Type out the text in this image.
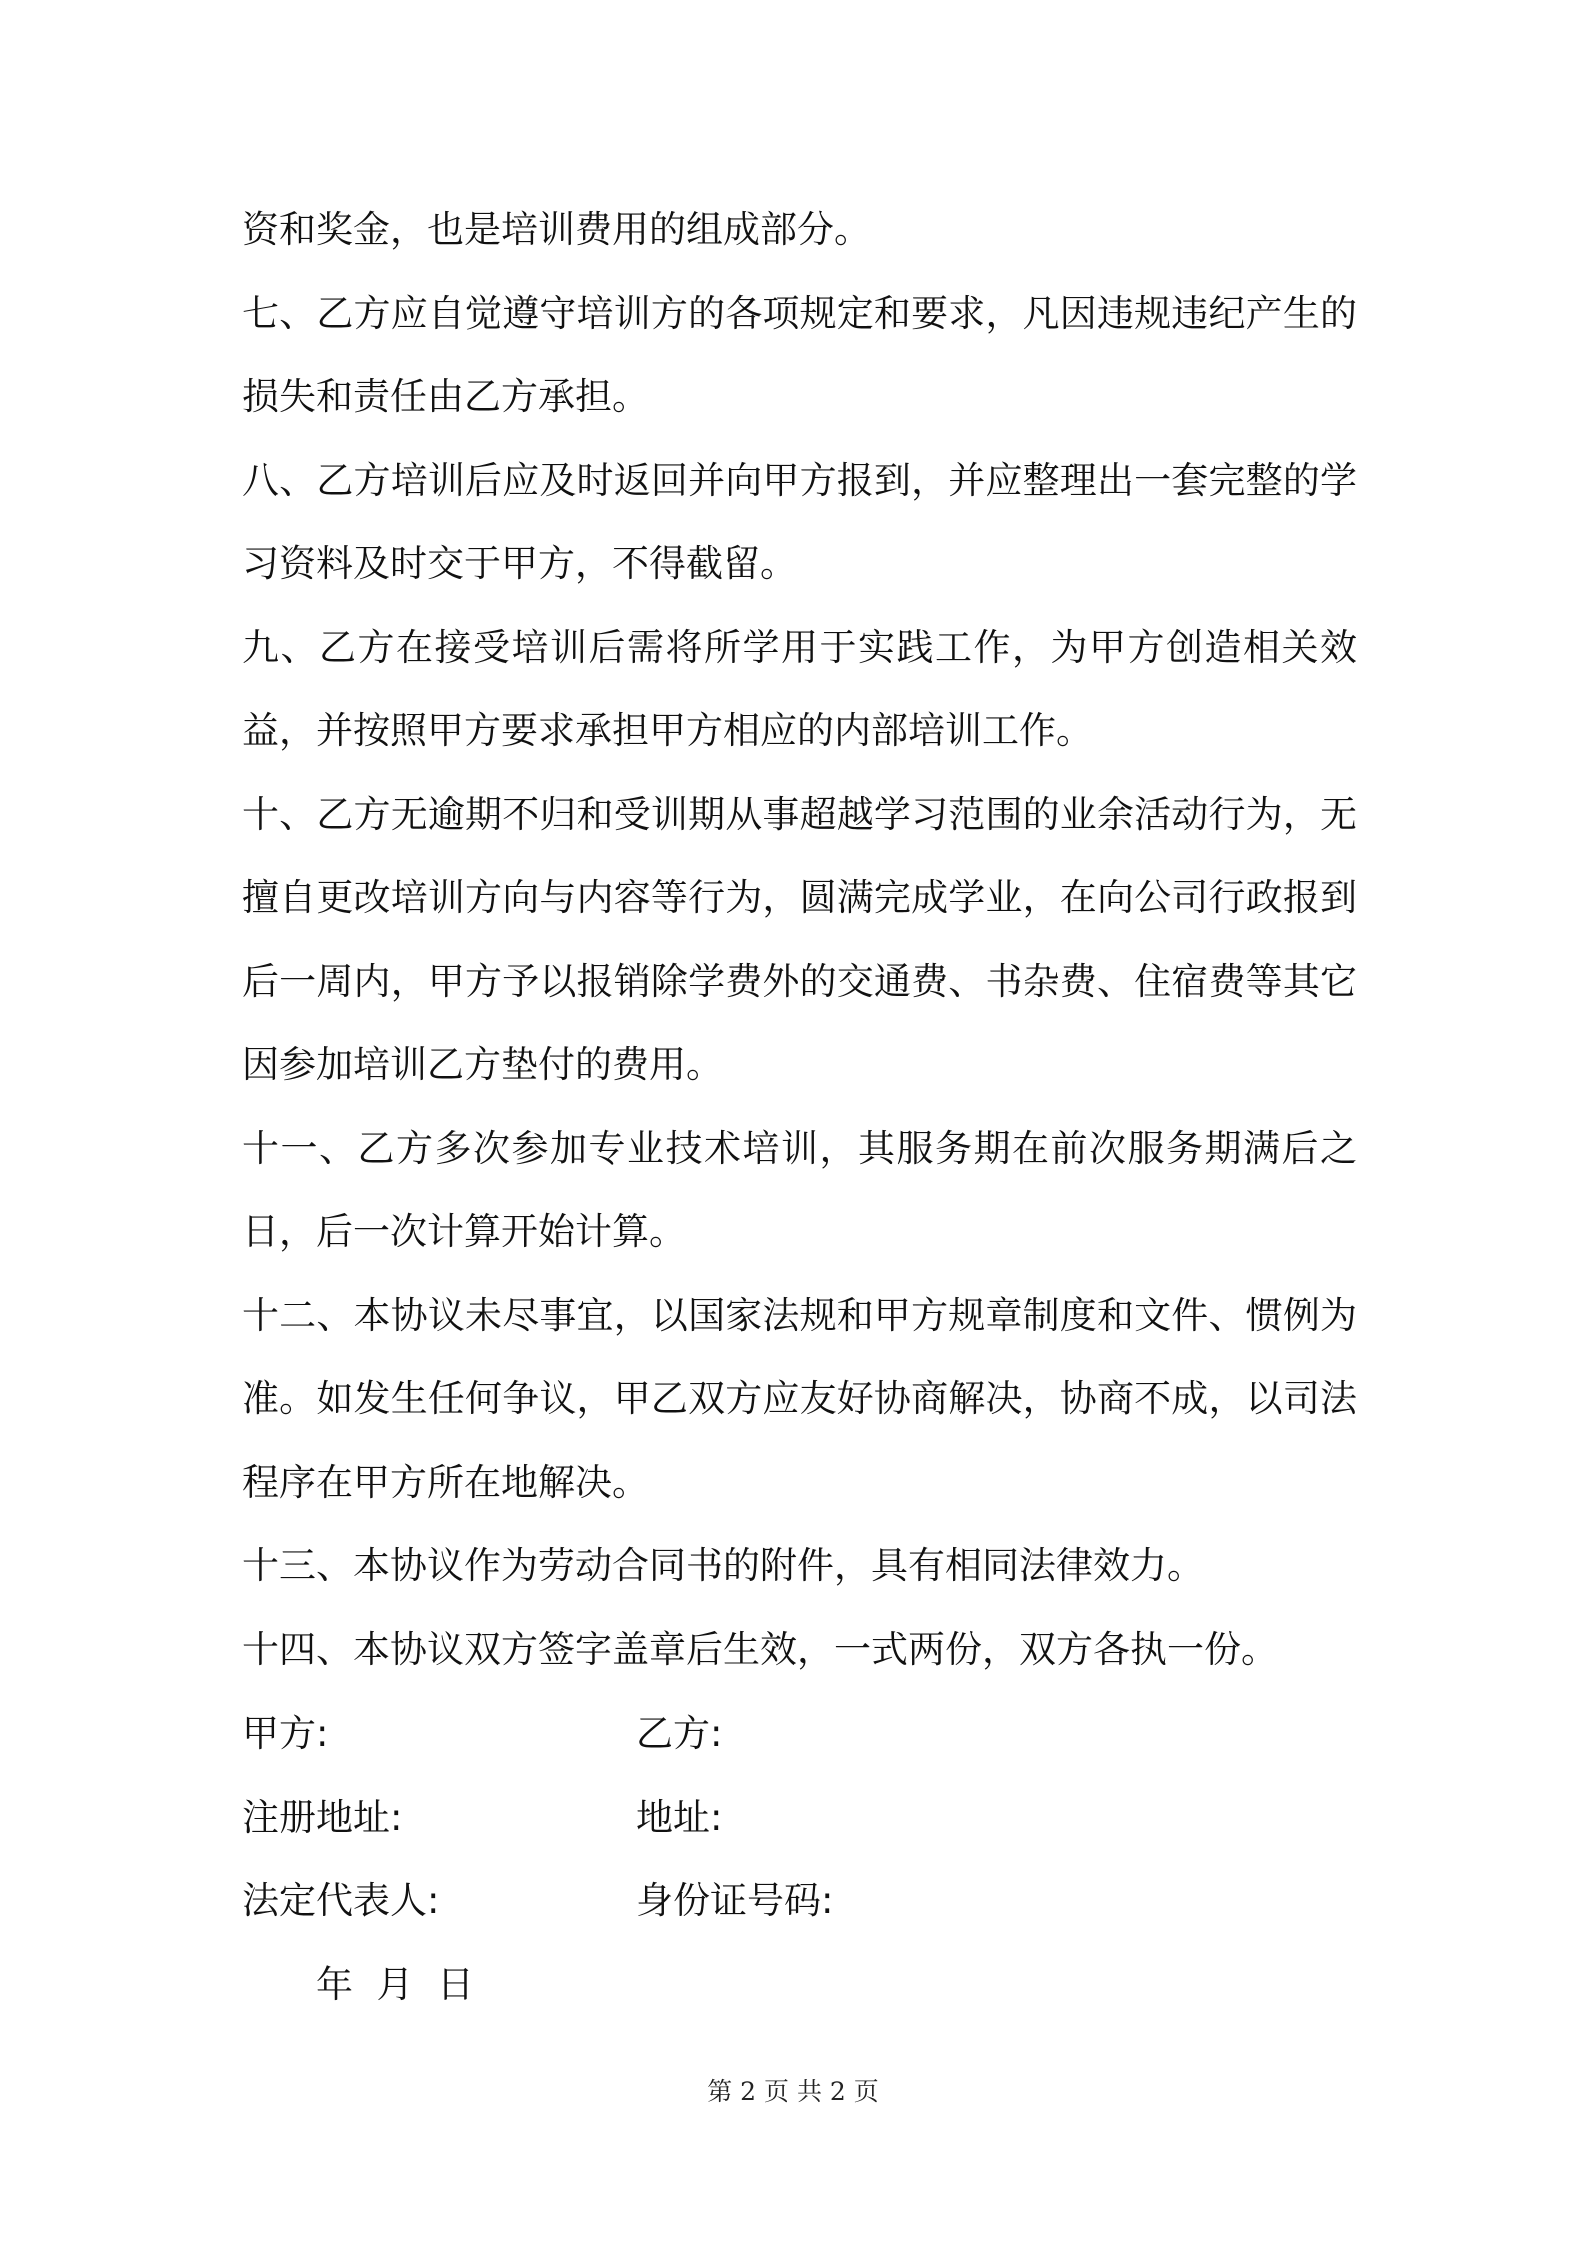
资和奖金，也是培训费用的组成部分。

七、乙方应自觉遵守培训方的各项规定和要求，凡因违规违纪产生的损失和责任由乙方承担。

八、乙方培训后应及时返回并向甲方报到，并应整理出一套完整的学习资料及时交于甲方，不得截留。

九、乙方在接受培训后需将所学用于实践工作，为甲方创造相关效益，并按照甲方要求承担甲方相应的内部培训工作。

十、乙方无逾期不归和受训期从事超越学习范围的业余活动行为，无擅自更改培训方向与内容等行为，圆满完成学业，在向公司行政报到后一周内，甲方予以报销除学费外的交通费、书杂费、住宿费等其它因参加培训乙方垫付的费用。

十一、乙方多次参加专业技术培训，其服务期在前次服务期满后之日，后一次计算开始计算。

十二、本协议未尽事宜，以国家法规和甲方规章制度和文件、惯例为准。如发生任何争议，甲乙双方应友好协商解决，协商不成，以司法程序在甲方所在地解决。

十三、本协议作为劳动合同书的附件，具有相同法律效力。

十四、本协议双方签字盖章后生效，一式两份，双方各执一份。

甲方:	乙方:
注册地址:	地址:
法定代表人:	身份证号码:
年  月  日
第 2 页 共 2 页
